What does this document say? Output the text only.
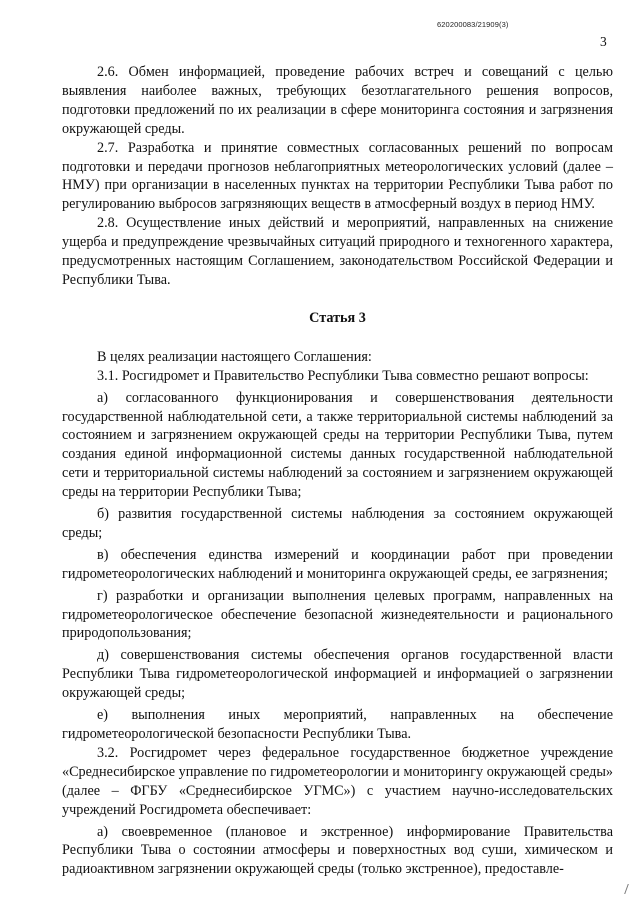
620200083/21909(3)
3

2.6. Обмен информацией, проведение рабочих встреч и совещаний с целью выявления наиболее важных, требующих безотлагательного решения вопросов, подготовки предложений по их реализации в сфере мониторинга состояния и загрязнения окружающей среды.

2.7. Разработка и принятие совместных согласованных решений по вопросам подготовки и передачи прогнозов неблагоприятных метеорологических условий (далее – НМУ) при организации в населенных пунктах на территории Республики Тыва работ по регулированию выбросов загрязняющих веществ в атмосферный воздух в период НМУ.

2.8. Осуществление иных действий и мероприятий, направленных на снижение ущерба и предупреждение чрезвычайных ситуаций природного и техногенного характера, предусмотренных настоящим Соглашением, законодательством Российской Федерации и Республики Тыва.

Статья 3

В целях реализации настоящего Соглашения:

3.1. Росгидромет и Правительство Республики Тыва совместно решают вопросы:

а) согласованного функционирования и совершенствования деятельности государственной наблюдательной сети, а также территориальной системы наблюдений за состоянием и загрязнением окружающей среды на территории Республики Тыва, путем создания единой информационной системы данных государственной наблюдательной сети и территориальной системы наблюдений за состоянием и загрязнением окружающей среды на территории Республики Тыва;

б) развития государственной системы наблюдения за состоянием окружающей среды;

в) обеспечения единства измерений и координации работ при проведении гидрометеорологических наблюдений и мониторинга окружающей среды, ее загрязнения;

г) разработки и организации выполнения целевых программ, направленных на гидрометеорологическое обеспечение безопасной жизнедеятельности и рационального природопользования;

д) совершенствования системы обеспечения органов государственной власти Республики Тыва гидрометеорологической информацией и информацией о загрязнении окружающей среды;

е) выполнения иных мероприятий, направленных на обеспечение гидрометеорологической безопасности Республики Тыва.

3.2. Росгидромет через федеральное государственное бюджетное учреждение «Среднесибирское управление по гидрометеорологии и мониторингу окружающей среды» (далее – ФГБУ «Среднесибирское УГМС») с участием научно-исследовательских учреждений Росгидромета обеспечивает:

а) своевременное (плановое и экстренное) информирование Правительства Республики Тыва о состоянии атмосферы и поверхностных вод суши, химическом и радиоактивном загрязнении окружающей среды (только экстренное), предоставле-
